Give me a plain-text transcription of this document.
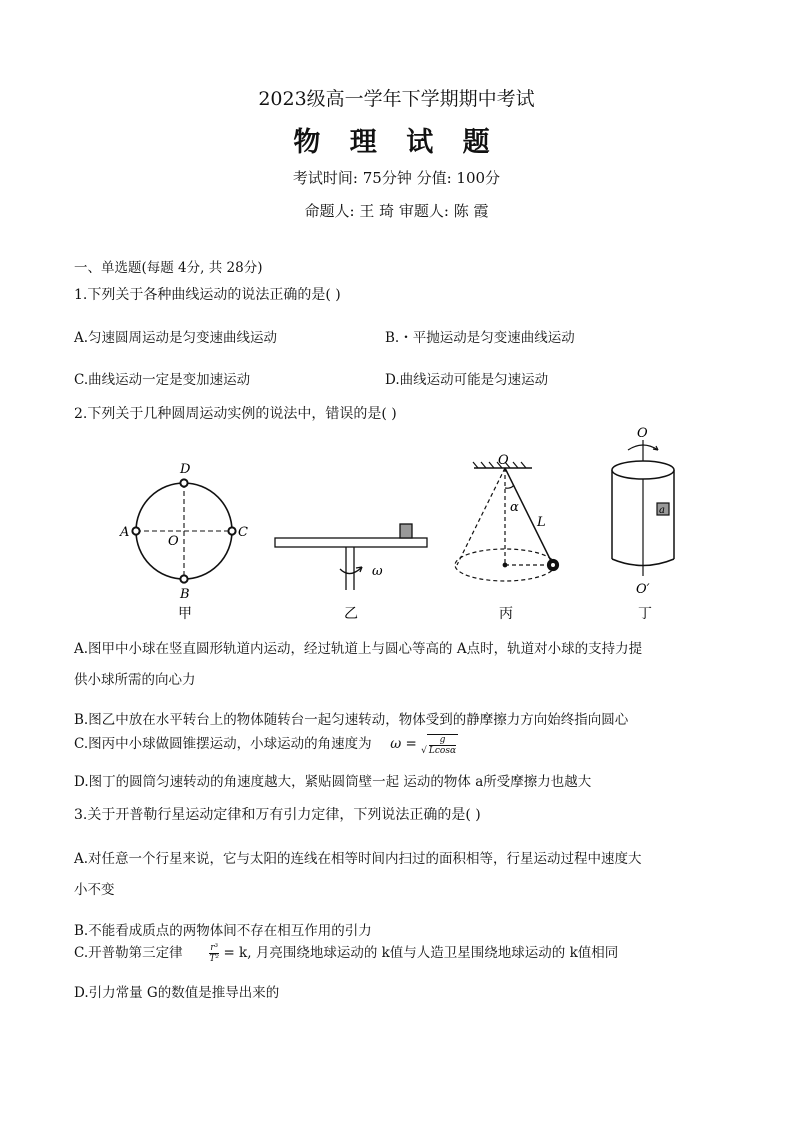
2023级高一学年下学期期中考试
物 理 试 题
考试时间: 75分钟 分值: 100分
命题人: 王 琦 审题人: 陈 霞
一、单选题(每题 4分, 共 28分)
1.下列关于各种曲线运动的说法正确的是( )
A.匀速圆周运动是匀变速曲线运动	B.・平抛运动是匀变速曲线运动
C.曲线运动一定是变加速运动	D.曲线运动可能是匀速运动
2.下列关于几种圆周运动实例的说法中，错误的是( )
D
B
A	C
O
甲
ω
乙
O
α
L
丙
O
a
O′
丁
A.图甲中小球在竖直圆形轨道内运动，经过轨道上与圆心等高的 A点时，轨道对小球的支持力提
供小球所需的向心力
B.图乙中放在水平转台上的物体随转台一起匀速转动，物体受到的静摩擦力方向始终指向圆心
C.图丙中小球做圆锥摆运动，小球运动的角速度为 ω = √ $\frac{g}{Lcos\alpha}$
D.图丁的圆筒匀速转动的角速度越大，紧贴圆筒壁一起 运动的物体 a所受摩擦力也越大
3.关于开普勒行星运动定律和万有引力定律，下列说法正确的是( )
A.对任意一个行星来说，它与太阳的连线在相等时间内扫过的面积相等，行星运动过程中速度大
小不变
B.不能看成质点的两物体间不存在相互作用的引力
C.开普勒第三定律	$\frac{\text{r³}}{\text{T²}} = k$, 月亮围绕地球运动的 k值与人造卫星围绕地球运动的 k值相同
D.引力常量 G的数值是推导出来的
